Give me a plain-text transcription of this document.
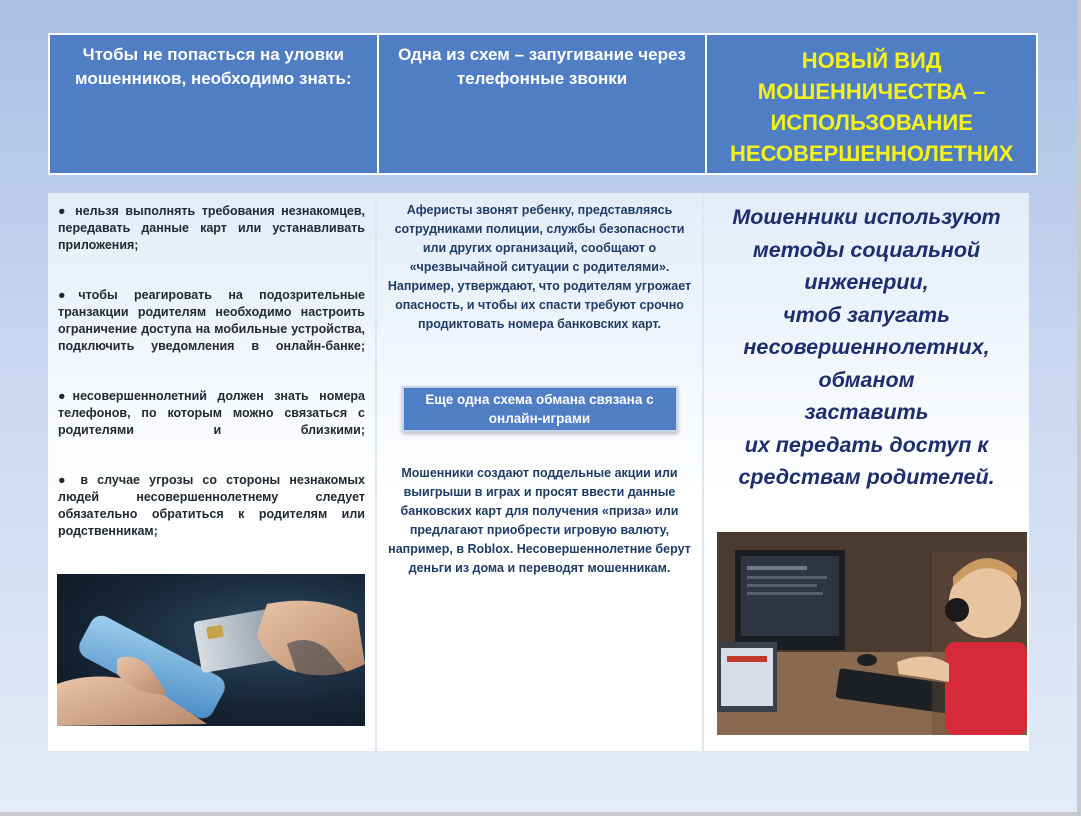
Чтобы не попасться на уловки мошенников, необходимо знать:
Одна из схем – запугивание через телефонные звонки
НОВЫЙ ВИД МОШЕННИЧЕСТВА – ИСПОЛЬЗОВАНИЕ НЕСОВЕРШЕННОЛЕТНИХ
● нельзя выполнять требования незнакомцев, передавать данные карт или устанавливать приложения;
●чтобы реагировать на подозрительные транзакции родителям необходимо настроить ограничение доступа на мобильные устройства, подключить уведомления в онлайн-банке;
●несовершеннолетний должен знать номера телефонов, по которым можно связаться с родителями и близкими;
● в случае угрозы со стороны незнакомых людей несовершеннолетнему следует обязательно обратиться к родителям или родственникам;
Аферисты звонят ребенку, представляясь сотрудниками полиции, службы безопасности или других организаций, сообщают о «чрезвычайной ситуации с родителями».
Например, утверждают, что родителям угрожает опасность, и чтобы их спасти требуют срочно продиктовать номера банковских карт.
Еще одна схема обмана связана с онлайн-играми
Мошенники создают поддельные акции или выигрыши в играх и просят ввести данные банковских карт для получения «приза» или предлагают приобрести игровую валюту, например, в Roblox. Несовершеннолетние берут деньги из дома и переводят мошенникам.
Мошенники используют
методы социальной
инженерии,
чтоб запугать
несовершеннолетних,
обманом
заставить
их передать доступ к
средствам родителей.
